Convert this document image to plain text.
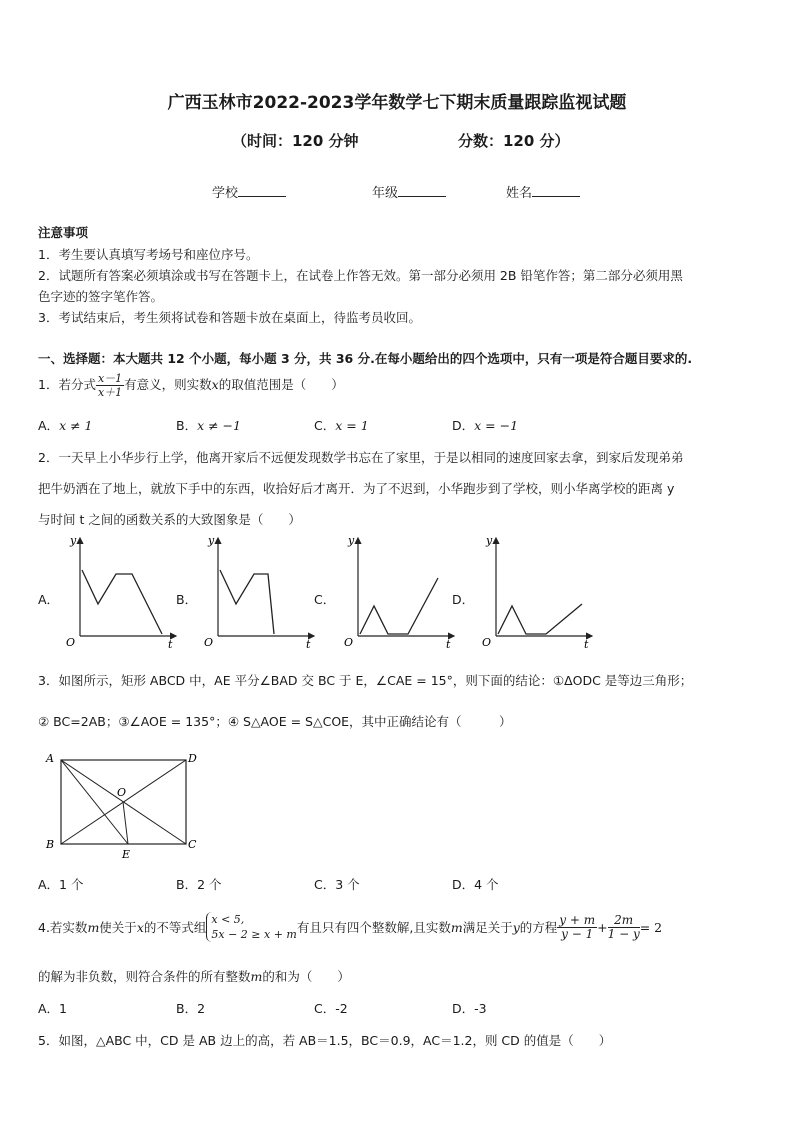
广西玉林市2022-2023学年数学七下期末质量跟踪监视试题
（时间：120 分钟	分数：120 分）
学校	年级	姓名
注意事项
1．考生要认真填写考场号和座位序号。
2．试题所有答案必须填涂或书写在答题卡上，在试卷上作答无效。第一部分必须用 2B 铅笔作答；第二部分必须用黑
色字迹的签字笔作答。
3．考试结束后，考生须将试卷和答题卡放在桌面上，待监考员收回。
一、选择题：本大题共 12 个小题，每小题 3 分，共 36 分.在每小题给出的四个选项中，只有一项是符合题目要求的.
1．若分式 $\frac{x-1}{x+1}$ 有意义，则实数x的取值范围是（　　）
A．x ≠ 1	B．x ≠ −1	C．x = 1	D．x = −1
2．一天早上小华步行上学，他离开家后不远便发现数学书忘在了家里，于是以相同的速度回家去拿，到家后发现弟弟
把牛奶洒在了地上，就放下手中的东西，收拾好后才离开．为了不迟到，小华跑步到了学校，则小华离学校的距离 y
与时间 t 之间的函数关系的大致图象是（　　）
A．	B．	C．	D．
y
t
O
y
t
O
y
t
O
y
t
O
3．如图所示，矩形 ABCD 中，AE 平分∠BAD 交 BC 于 E，∠CAE = 15°，则下面的结论：①ΔODC 是等边三角形；
② BC=2AB；③∠AOE = 135°；④ S△AOE = S△COE，其中正确结论有（　　　）
A	D
B	C
E
O
A．1 个	B．2 个	C．3 个	D．4 个
4.若实数 m 使关于 x 的不等式组
x < 5,
5x − 2 ≥ x + m 有且只有四个整数解,且实数 m 满足关于 y 的方程 $\frac{y + m}{y - 1} + \frac{2m}{1 - y} = 2$
的解为非负数，则符合条件的所有整数m的和为（　　）
A．1	B．2	C．-2	D．-3
5．如图，△ABC 中，CD 是 AB 边上的高，若 AB＝1.5，BC＝0.9，AC＝1.2，则 CD 的值是（　　）
